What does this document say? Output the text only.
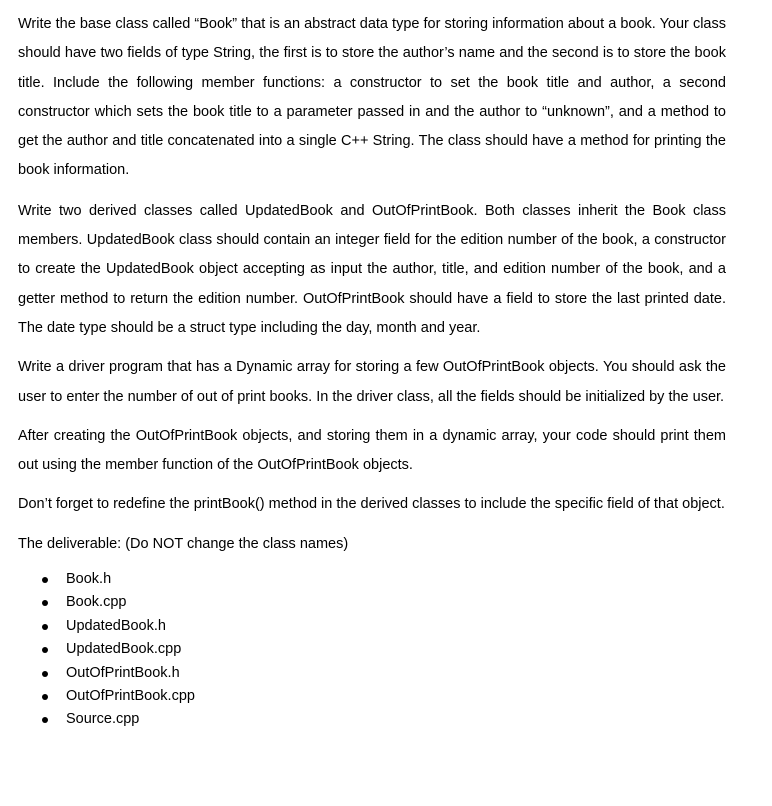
Write the base class called “Book” that is an abstract data type for storing information about a book. Your class should have two fields of type String, the first is to store the author’s name and the second is to store the book title. Include the following member functions: a constructor to set the book title and author, a second constructor which sets the book title to a parameter passed in and the author to “unknown”, and a method to get the author and title concatenated into a single C++ String. The class should have a method for printing the book information.

Write two derived classes called UpdatedBook and OutOfPrintBook. Both classes inherit the Book class members. UpdatedBook class should contain an integer field for the edition number of the book, a constructor to create the UpdatedBook object accepting as input the author, title, and edition number of the book, and a getter method to return the edition number. OutOfPrintBook should have a field to store the last printed date. The date type should be a struct type including the day, month and year.

Write a driver program that has a Dynamic array for storing a few OutOfPrintBook objects. You should ask the user to enter the number of out of print books. In the driver class, all the fields should be initialized by the user.

After creating the OutOfPrintBook objects, and storing them in a dynamic array, your code should print them out using the member function of the OutOfPrintBook objects.

Don’t forget to redefine the printBook() method in the derived classes to include the specific field of that object.

The deliverable: (Do NOT change the class names)

Book.h
Book.cpp
UpdatedBook.h
UpdatedBook.cpp
OutOfPrintBook.h
OutOfPrintBook.cpp
Source.cpp
